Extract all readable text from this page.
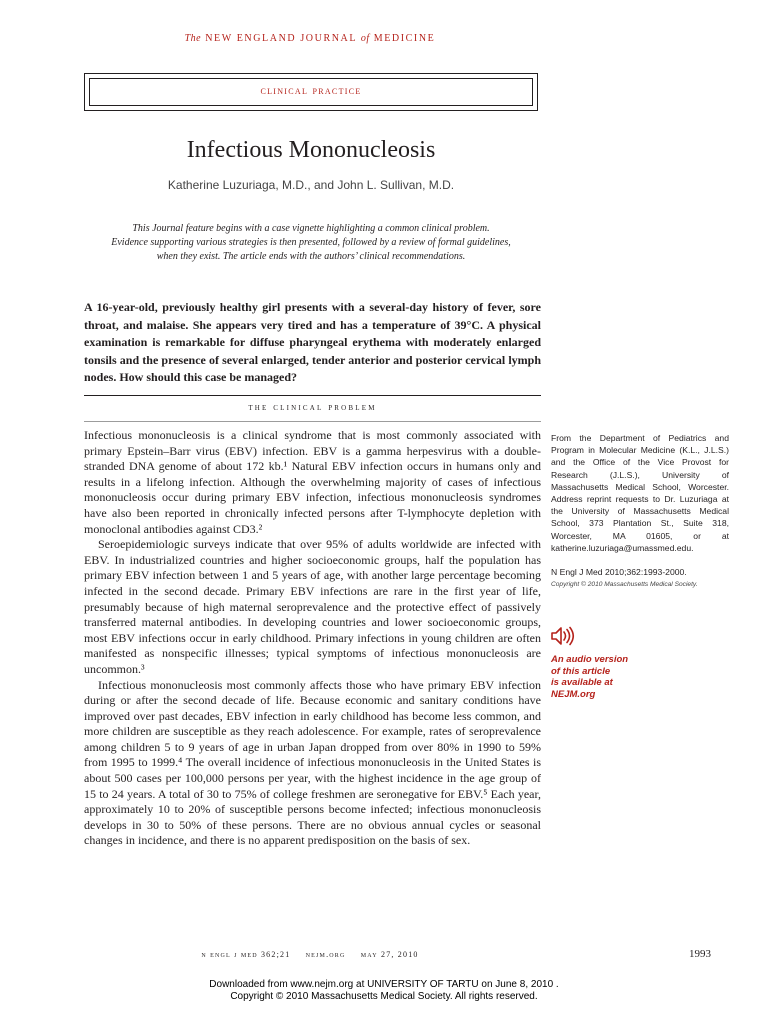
The NEW ENGLAND JOURNAL of MEDICINE
clinical practice
Infectious Mononucleosis
Katherine Luzuriaga, M.D., and John L. Sullivan, M.D.
This Journal feature begins with a case vignette highlighting a common clinical problem.
Evidence supporting various strategies is then presented, followed by a review of formal guidelines,
when they exist. The article ends with the authors’ clinical recommendations.
A 16-year-old, previously healthy girl presents with a several-day history of fever, sore throat, and malaise. She appears very tired and has a temperature of 39°C. A physical examination is remarkable for diffuse pharyngeal erythema with moderately enlarged tonsils and the presence of several enlarged, tender anterior and posterior cervical lymph nodes. How should this case be managed?
the clinical problem

Infectious mononucleosis is a clinical syndrome that is most commonly associated with primary Epstein–Barr virus (EBV) infection. EBV is a gamma herpesvirus with a double-stranded DNA genome of about 172 kb.¹ Natural EBV infection occurs in humans only and results in a lifelong infection. Although the overwhelming majority of cases of infectious mononucleosis occur during primary EBV infection, infectious mononucleosis syndromes have also been reported in chronically infected persons after T-lymphocyte depletion with monoclonal antibodies against CD3.²

Seroepidemiologic surveys indicate that over 95% of adults worldwide are infected with EBV. In industrialized countries and higher socioeconomic groups, half the population has primary EBV infection between 1 and 5 years of age, with another large percentage becoming infected in the second decade. Primary EBV infections are rare in the first year of life, presumably because of high maternal seroprevalence and the protective effect of passively transferred maternal antibodies. In developing countries and lower socioeconomic groups, most EBV infections occur in early childhood. Primary infections in young children are often manifested as nonspecific illnesses; typical symptoms of infectious mononucleosis are uncommon.³

Infectious mononucleosis most commonly affects those who have primary EBV infection during or after the second decade of life. Because economic and sanitary conditions have improved over past decades, EBV infection in early childhood has become less common, and more children are susceptible as they reach adolescence. For example, rates of seroprevalence among children 5 to 9 years of age in urban Japan dropped from over 80% in 1990 to 59% from 1995 to 1999.⁴ The overall incidence of infectious mononucleosis in the United States is about 500 cases per 100,000 persons per year, with the highest incidence in the age group of 15 to 24 years. A total of 30 to 75% of college freshmen are seronegative for EBV.⁵ Each year, approximately 10 to 20% of susceptible persons become infected; infectious mononucleosis develops in 30 to 50% of these persons. There are no obvious annual cycles or seasonal changes in incidence, and there is no apparent predisposition on the basis of sex.

From the Department of Pediatrics and Program in Molecular Medicine (K.L., J.L.S.) and the Office of the Vice Provost for Research (J.L.S.), University of Massachusetts Medical School, Worcester. Address reprint requests to Dr. Luzuriaga at the University of Massachusetts Medical School, 373 Plantation St., Suite 318, Worcester, MA 01605, or at katherine.luzuriaga@umassmed.edu.
N Engl J Med 2010;362:1993-2000.
Copyright © 2010 Massachusetts Medical Society.
An audio version
of this article
is available at
NEJM.org
n engl j med 362;21 nejm.org may 27, 2010	1993
Downloaded from www.nejm.org at UNIVERSITY OF TARTU on June 8, 2010 .
Copyright © 2010 Massachusetts Medical Society. All rights reserved.
